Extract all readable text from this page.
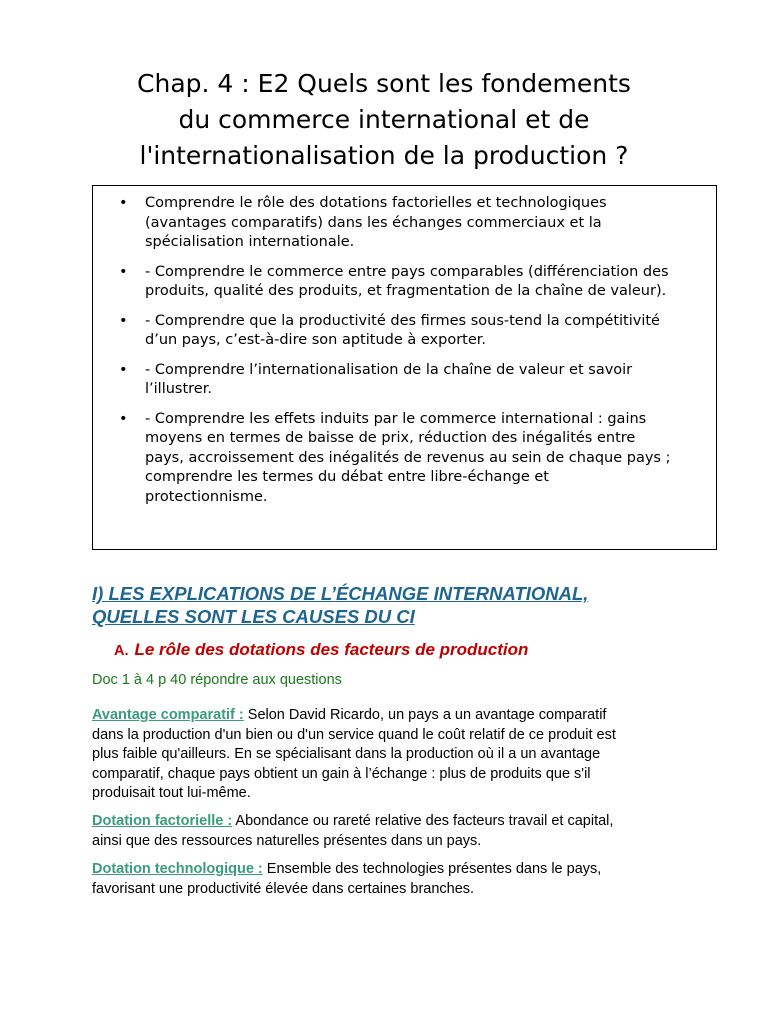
Chap. 4 : E2 Quels sont les fondements
du commerce international et de
l'internationalisation de la production ?
• Comprendre le rôle des dotations factorielles et technologiques
(avantages comparatifs) dans les échanges commerciaux et la
spécialisation internationale.
• - Comprendre le commerce entre pays comparables (différenciation des
produits, qualité des produits, et fragmentation de la chaîne de valeur).
• - Comprendre que la productivité des firmes sous-tend la compétitivité
d’un pays, c’est-à-dire son aptitude à exporter.
• - Comprendre l’internationalisation de la chaîne de valeur et savoir
l’illustrer.
• - Comprendre les effets induits par le commerce international : gains
moyens en termes de baisse de prix, réduction des inégalités entre
pays, accroissement des inégalités de revenus au sein de chaque pays ;
comprendre les termes du débat entre libre-échange et
protectionnisme.
I) LES EXPLICATIONS DE L’ÉCHANGE INTERNATIONAL,
QUELLES SONT LES CAUSES DU CI
A. Le rôle des dotations des facteurs de production

Doc 1 à 4 p 40 répondre aux questions

Avantage comparatif : Selon David Ricardo, un pays a un avantage comparatif
dans la production d'un bien ou d'un service quand le coût relatif de ce produit est
plus faible qu'ailleurs. En se spécialisant dans la production où il a un avantage
comparatif, chaque pays obtient un gain à l’échange : plus de produits que s'il
produisait tout lui-même.

Dotation factorielle : Abondance ou rareté relative des facteurs travail et capital,
ainsi que des ressources naturelles présentes dans un pays.

Dotation technologique : Ensemble des technologies présentes dans le pays,
favorisant une productivité élevée dans certaines branches.
